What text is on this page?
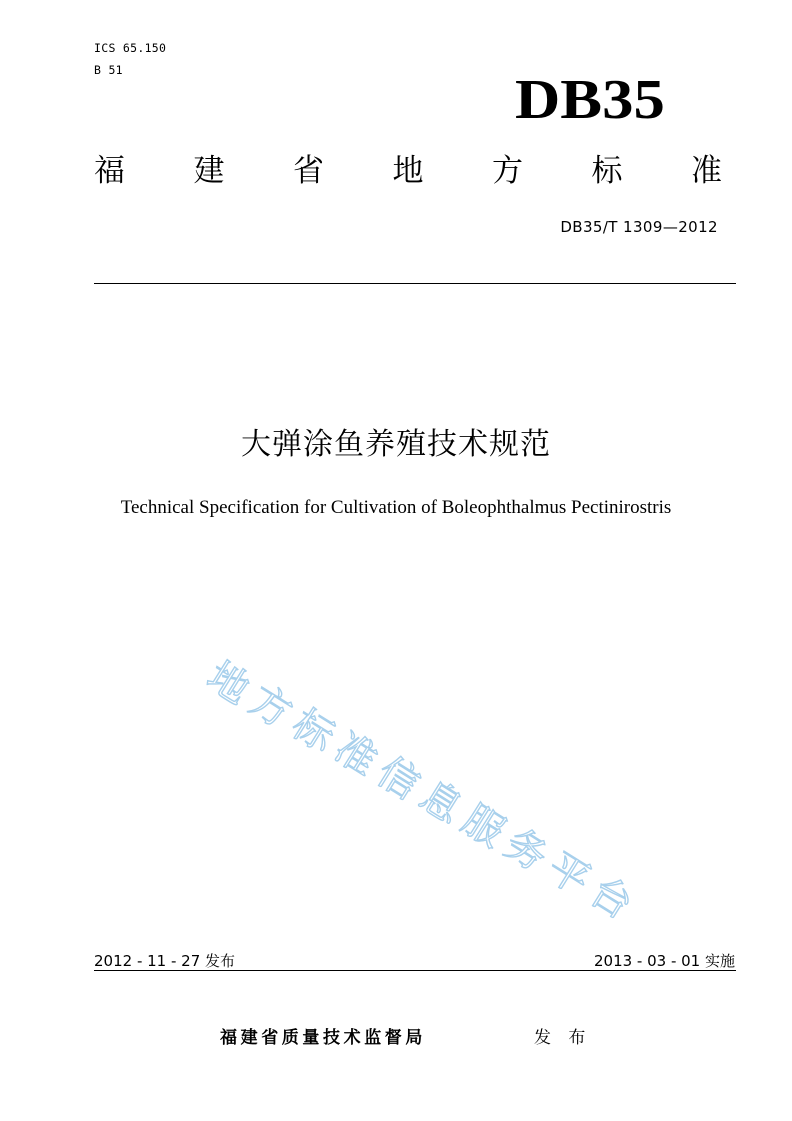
ICS 65.150
B 51	DB35
福 建 省 地 方 标 准
DB35/T 1309—2012
大弹涂鱼养殖技术规范
Technical Specification for Cultivation of Boleophthalmus Pectinirostris
地
方
标
准
信
息
服
务
平
台
2012 - 11 - 27 发布	2013 - 03 - 01 实施
福建省质量技术监督局	发 布
